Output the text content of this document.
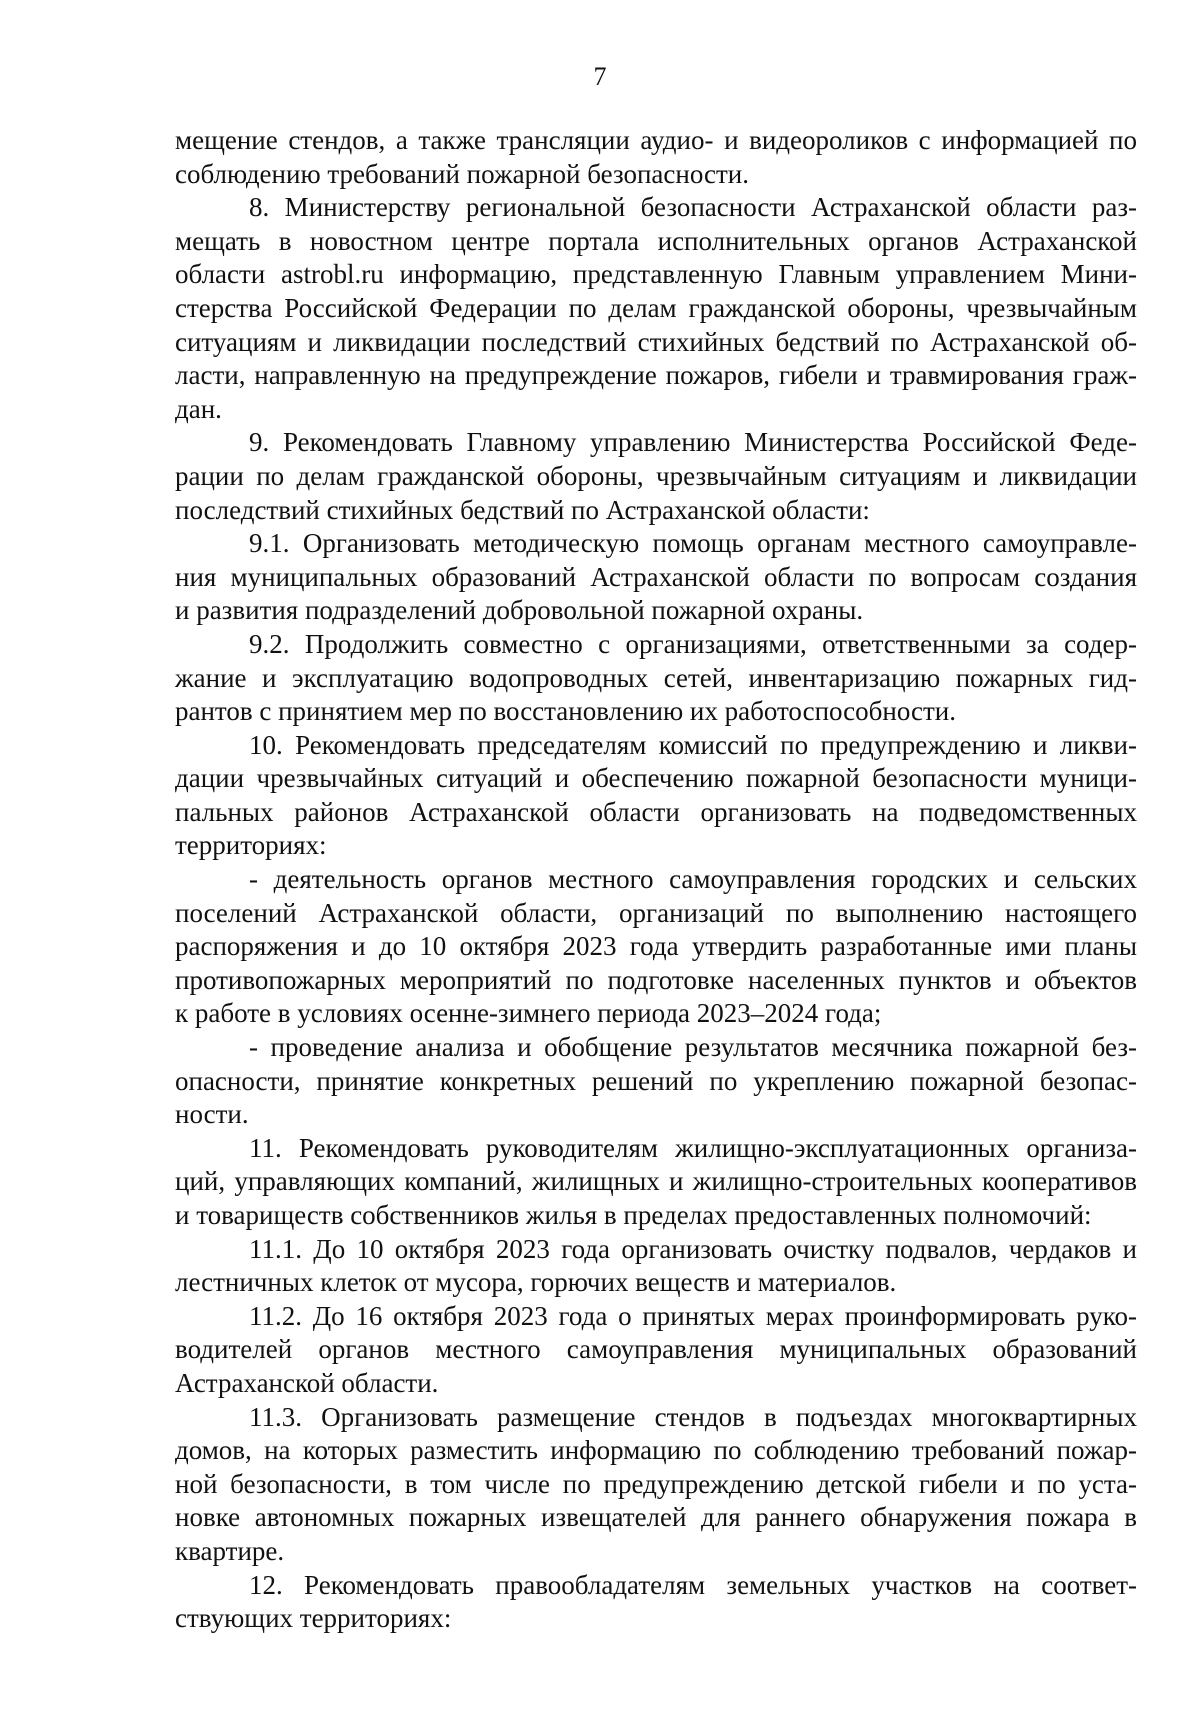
7

мещение стендов, а также трансляции аудио- и видеороликов с информацией по
соблюдению требований пожарной безопасности.

8. Министерству региональной безопасности Астраханской области раз-
мещать в новостном центре портала исполнительных органов Астраханской
области astrobl.ru информацию, представленную Главным управлением Мини-
стерства Российской Федерации по делам гражданской обороны, чрезвычайным
ситуациям и ликвидации последствий стихийных бедствий по Астраханской об-
ласти, направленную на предупреждение пожаров, гибели и травмирования граж-
дан.

9. Рекомендовать Главному управлению Министерства Российской Феде-
рации по делам гражданской обороны, чрезвычайным ситуациям и ликвидации
последствий стихийных бедствий по Астраханской области:

9.1. Организовать методическую помощь органам местного самоуправле-
ния муниципальных образований Астраханской области по вопросам создания
и развития подразделений добровольной пожарной охраны.

9.2. Продолжить совместно с организациями, ответственными за содер-
жание и эксплуатацию водопроводных сетей, инвентаризацию пожарных гид-
рантов с принятием мер по восстановлению их работоспособности.

10. Рекомендовать председателям комиссий по предупреждению и ликви-
дации чрезвычайных ситуаций и обеспечению пожарной безопасности муници-
пальных районов Астраханской области организовать на подведомственных
территориях:

- деятельность органов местного самоуправления городских и сельских
поселений Астраханской области, организаций по выполнению настоящего
распоряжения и до 10 октября 2023 года утвердить разработанные ими планы
противопожарных мероприятий по подготовке населенных пунктов и объектов
к работе в условиях осенне-зимнего периода 2023–2024 года;

- проведение анализа и обобщение результатов месячника пожарной без-
опасности, принятие конкретных решений по укреплению пожарной безопас-
ности.

11. Рекомендовать руководителям жилищно-эксплуатационных организа-
ций, управляющих компаний, жилищных и жилищно-строительных кооперативов
и товариществ собственников жилья в пределах предоставленных полномочий:

11.1. До 10 октября 2023 года организовать очистку подвалов, чердаков и
лестничных клеток от мусора, горючих веществ и материалов.

11.2. До 16 октября 2023 года о принятых мерах проинформировать руко-
водителей органов местного самоуправления муниципальных образований
Астраханской области.

11.3. Организовать размещение стендов в подъездах многоквартирных
домов, на которых разместить информацию по соблюдению требований пожар-
ной безопасности, в том числе по предупреждению детской гибели и по уста-
новке автономных пожарных извещателей для раннего обнаружения пожара в
квартире.

12. Рекомендовать правообладателям земельных участков на соответ-
ствующих территориях:
